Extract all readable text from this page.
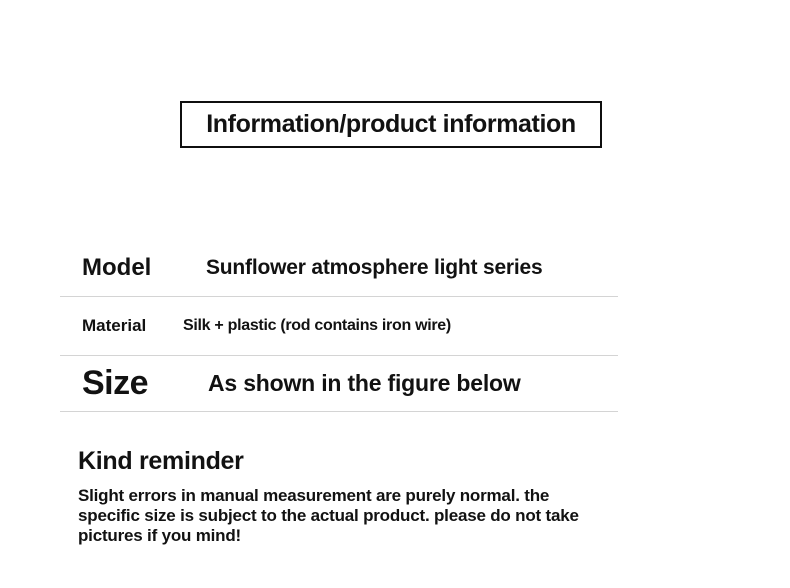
Information/product information
Model	Sunflower atmosphere light series
Material	Silk + plastic (rod contains iron wire)
Size	As shown in the figure below
Kind reminder
Slight errors in manual measurement are purely normal. the
specific size is subject to the actual product. please do not take
pictures if you mind!
